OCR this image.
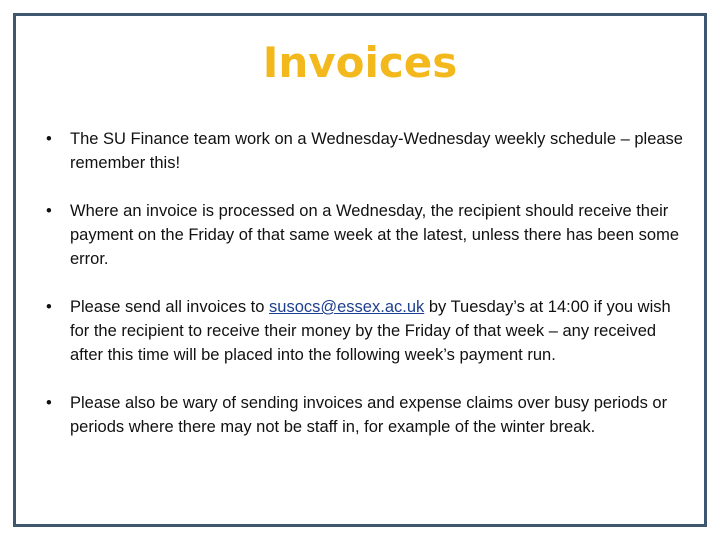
Invoices
• The SU Finance team work on a Wednesday-Wednesday weekly schedule – please remember this!
• Where an invoice is processed on a Wednesday, the recipient should receive their payment on the Friday of that same week at the latest, unless there has been some error.
• Please send all invoices to susocs@essex.ac.uk by Tuesday’s at 14:00 if you wish for the recipient to receive their money by the Friday of that week – any received after this time will be placed into the following week’s payment run.
• Please also be wary of sending invoices and expense claims over busy periods or periods where there may not be staff in, for example of the winter break.
